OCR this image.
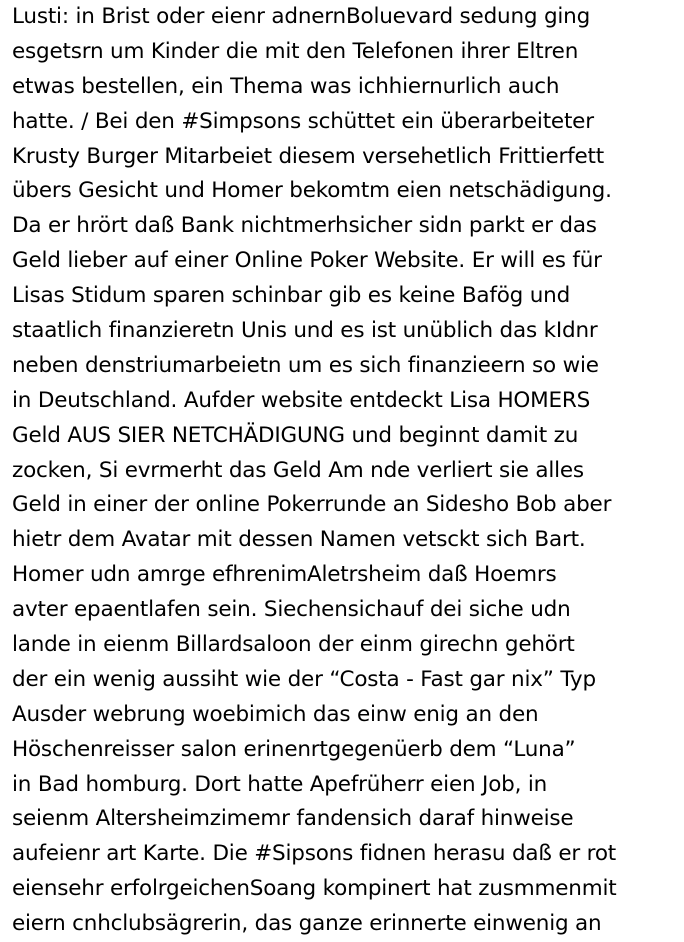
Lusti: in Brist oder eienr adnernBoluevard sedung ging
esgetsrn um Kinder die mit den Telefonen ihrer Eltren
etwas bestellen, ein Thema was ichhiernurlich auch
hatte. / Bei den #Simpsons schüttet ein überarbeiteter
Krusty Burger Mitarbeiet diesem versehetlich Frittierfett
übers Gesicht und Homer bekomtm eien netschädigung.
Da er hrört daß Bank nichtmerhsicher sidn parkt er das
Geld lieber auf einer Online Poker Website. Er will es für
Lisas Stidum sparen schinbar gib es keine Bafög und
staatlich finanzieretn Unis und es ist unüblich das kIdnr
neben denstriumarbeietn um es sich finanzieern so wie
in Deutschland. Aufder website entdeckt Lisa HOMERS
Geld AUS SIER NETCHÄDIGUNG und beginnt damit zu
zocken, Si evrmerht das Geld Am nde verliert sie alles
Geld in einer der online Pokerrunde an Sidesho Bob aber
hietr dem Avatar mit dessen Namen vetsckt sich Bart.
Homer udn amrge efhrenimAletrsheim daß Hoemrs
avter epaentlafen sein. Siechensichauf dei siche udn
lande in eienm Billardsaloon der einm girechn gehört
der ein wenig aussiht wie der “Costa - Fast gar nix” Typ
Ausder webrung woebimich das einw enig an den
Höschenreisser salon erinenrtgegenüerb dem “Luna”
in Bad homburg. Dort hatte Apefrüherr eien Job, in
seienm Altersheimzimemr fandensich daraf hinweise
aufeienr art Karte. Die #Sipsons fidnen herasu daß er rot
eiensehr erfolrgeichenSoang kompinert hat zusmmenmit
eiern cnhclubsägrerin, das ganze erinnerte einwenig an
